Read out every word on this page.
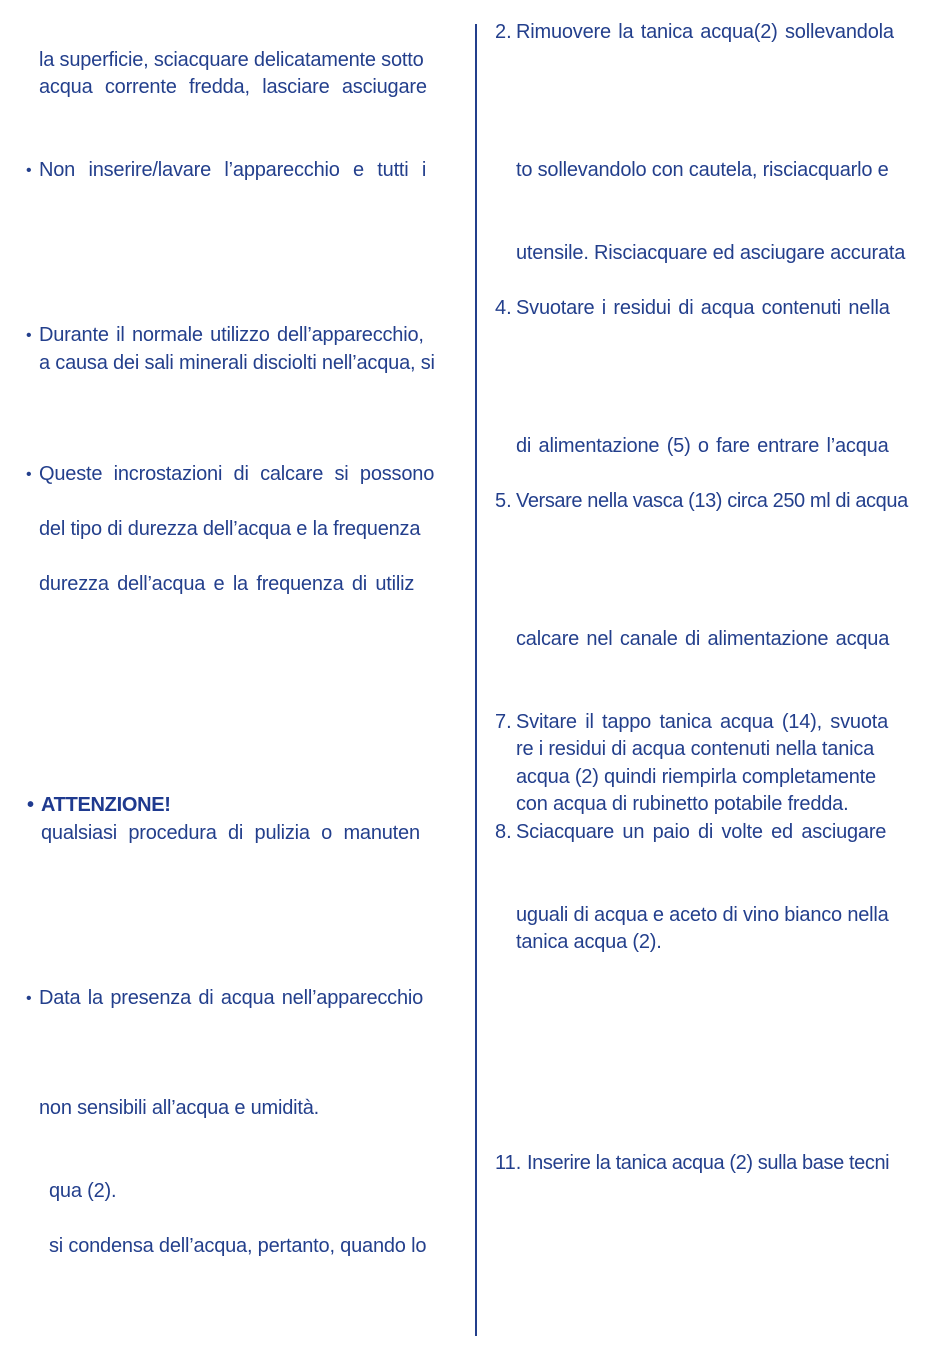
la superficie, sciacquare delicatamente sotto
acqua corrente fredda, lasciare asciugare
• Non inserire/lavare l’apparecchio e tutti i
• Durante il normale utilizzo dell’apparecchio,
a causa dei sali minerali disciolti nell’acqua, si
• Queste incrostazioni di calcare si possono
del tipo di durezza dell’acqua e la frequenza
durezza dell’acqua e la frequenza di utiliz
• ATTENZIONE!
qualsiasi procedura di pulizia o manuten
• Data la presenza di acqua nell’apparecchio
non sensibili all’acqua e umidità.
qua (2).
si condensa dell’acqua, pertanto, quando lo
2. Rimuovere la tanica acqua(2) sollevandola
to sollevandolo con cautela, risciacquarlo e
utensile. Risciacquare ed asciugare accurata
4. Svuotare i residui di acqua contenuti nella
di alimentazione (5) o fare entrare l’acqua
5. Versare nella vasca (13) circa 250 ml di acqua
calcare nel canale di alimentazione acqua
7. Svitare il tappo tanica acqua (14), svuota
re i residui di acqua contenuti nella tanica
acqua (2) quindi riempirla completamente
con acqua di rubinetto potabile fredda.
8. Sciacquare un paio di volte ed asciugare
uguali di acqua e aceto di vino bianco nella
tanica acqua (2).
11. Inserire la tanica acqua (2) sulla base tecni
